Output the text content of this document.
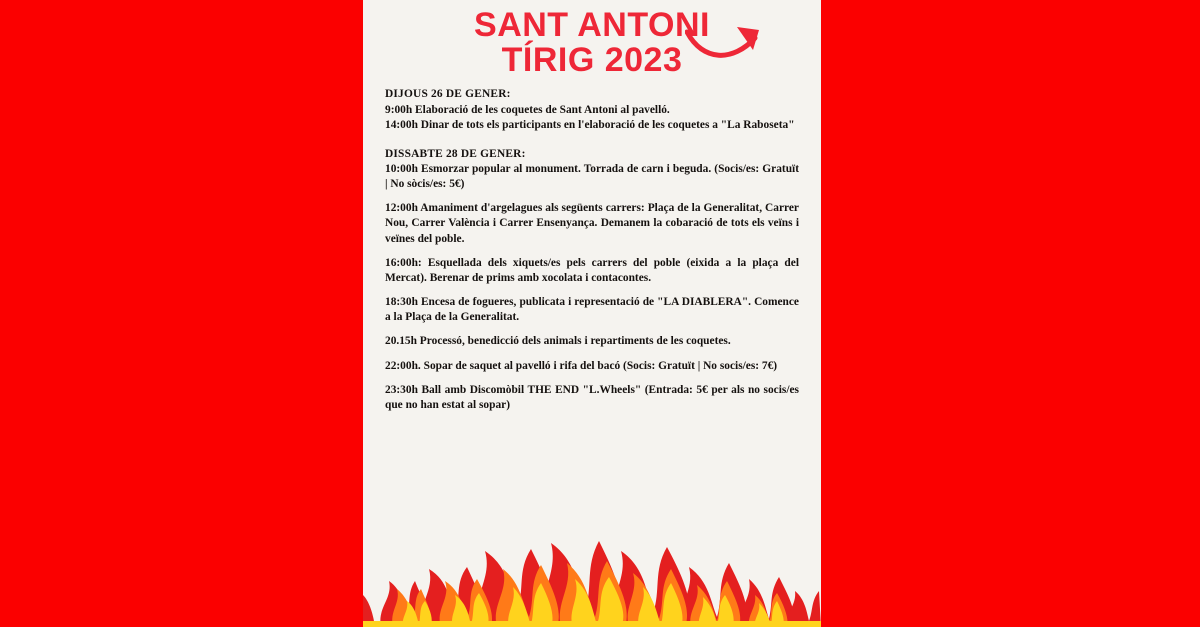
SANT ANTONI
TÍRIG 2023
DIJOUS 26 DE GENER:
9:00h Elaboració de les coquetes de Sant Antoni al pavelló.
14:00h Dinar de tots els participants en l'elaboració de les coquetes a "La Raboseta"
DISSABTE 28 DE GENER:
10:00h Esmorzar popular al monument. Torrada de carn i beguda. (Socis/es: Gratuït | No sòcis/es: 5€)
12:00h Amaniment d'argelagues als següents carrers: Plaça de la Generalitat, Carrer Nou, Carrer València i Carrer Ensenyança. Demanem la cobaració de tots els veïns i veïnes del poble.
16:00h: Esquellada dels xiquets/es pels carrers del poble (eixida a la plaça del Mercat). Berenar de prims amb xocolata i contacontes.
18:30h Encesa de fogueres, publicata i representació de "LA DIABLERA". Comence a la Plaça de la Generalitat.
20.15h Processó, benedicció dels animals i repartiments de les coquetes.
22:00h. Sopar de saquet al pavelló i rifa del bacó (Socis: Gratuït | No socis/es: 7€)
23:30h Ball amb Discomòbil THE END "L.Wheels" (Entrada: 5€ per als no socis/es que no han estat al sopar)
